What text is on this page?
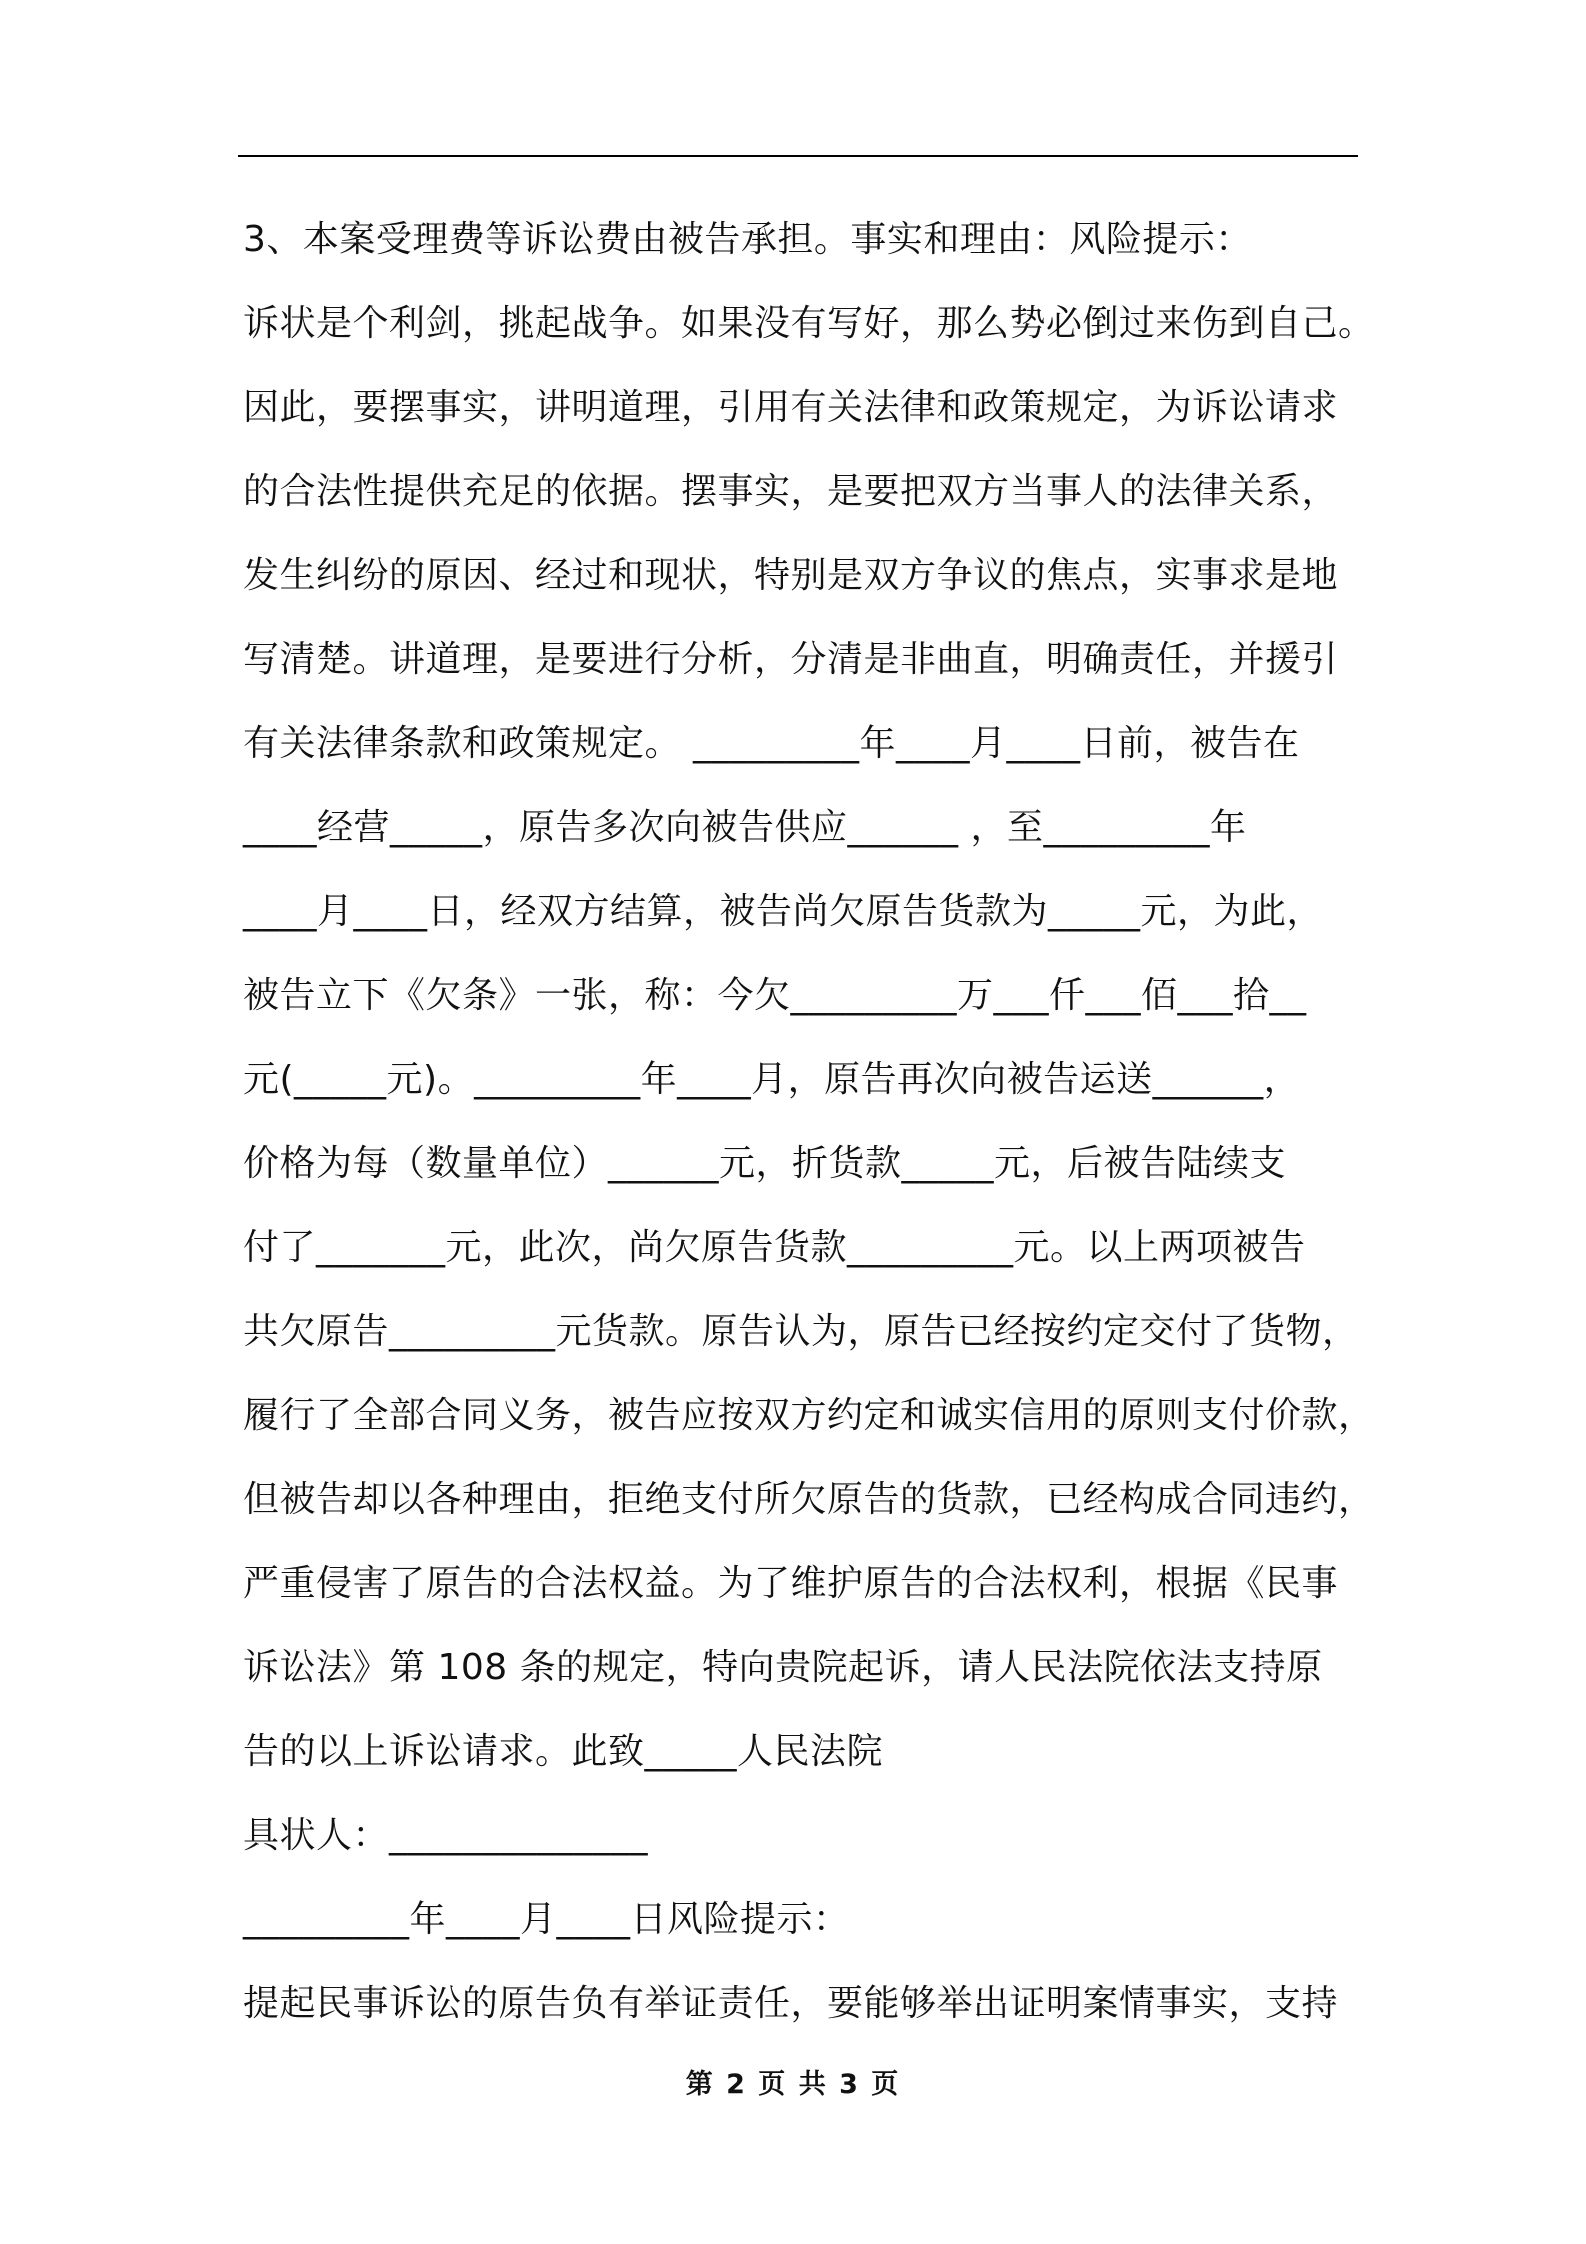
3、本案受理费等诉讼费由被告承担。事实和理由：风险提示：
诉状是个利剑，挑起战争。如果没有写好，那么势必倒过来伤到自己。
因此，要摆事实，讲明道理，引用有关法律和政策规定，为诉讼请求
的合法性提供充足的依据。摆事实，是要把双方当事人的法律关系，
发生纠纷的原因、经过和现状，特别是双方争议的焦点，实事求是地
写清楚。讲道理，是要进行分析，分清是非曲直，明确责任，并援引
有关法律条款和政策规定。 _________年____月____日前，被告在
____经营_____，原告多次向被告供应______ ，至_________年
____月____日，经双方结算，被告尚欠原告货款为_____元，为此，
被告立下《欠条》一张，称：今欠_________万___仟___佰___拾__
元(_____元)。_________年____月，原告再次向被告运送______，
价格为每（数量单位）______元，折货款_____元，后被告陆续支
付了_______元，此次，尚欠原告货款_________元。以上两项被告
共欠原告_________元货款。原告认为，原告已经按约定交付了货物，
履行了全部合同义务，被告应按双方约定和诚实信用的原则支付价款，
但被告却以各种理由，拒绝支付所欠原告的货款，已经构成合同违约，
严重侵害了原告的合法权益。为了维护原告的合法权利，根据《民事
诉讼法》第 108 条的规定，特向贵院起诉，请人民法院依法支持原
告的以上诉讼请求。此致_____人民法院
具状人：______________
_________年____月____日风险提示：
提起民事诉讼的原告负有举证责任，要能够举出证明案情事实，支持
第 2 页 共 3 页
